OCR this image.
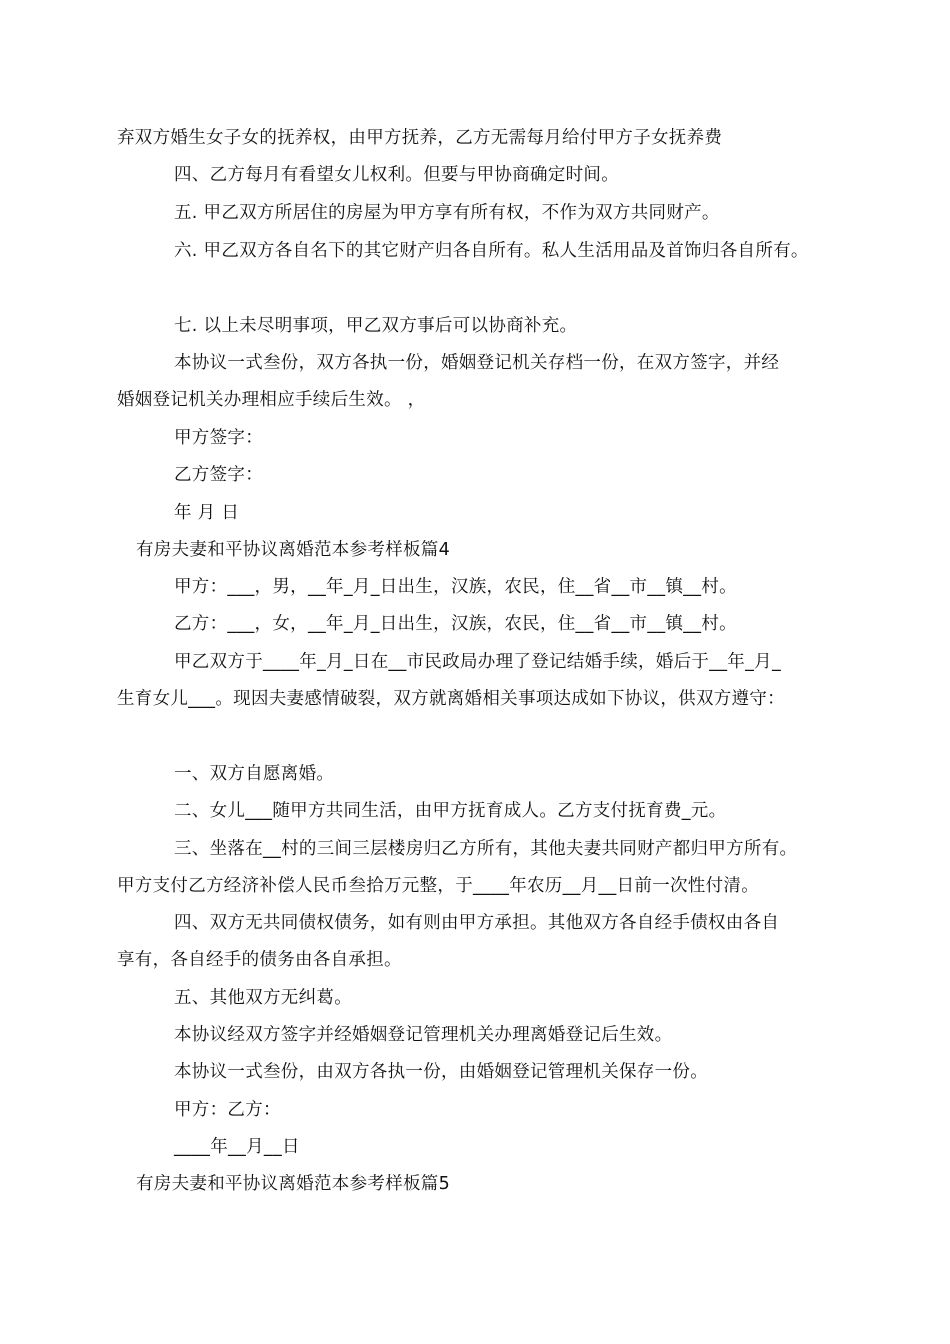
弃双方婚生女子女的抚养权，由甲方抚养，乙方无需每月给付甲方子女抚养费
四、乙方每月有看望女儿权利。但要与甲协商确定时间。
五. 甲乙双方所居住的房屋为甲方享有所有权，不作为双方共同财产。
六. 甲乙双方各自名下的其它财产归各自所有。私人生活用品及首饰归各自所有。
七. 以上未尽明事项，甲乙双方事后可以协商补充。
本协议一式叁份，双方各执一份，婚姻登记机关存档一份，在双方签字，并经
婚姻登记机关办理相应手续后生效。 ，
甲方签字：
乙方签字：
年 月 日
有房夫妻和平协议离婚范本参考样板篇4
甲方：___，男，__年_月_日出生，汉族，农民，住__省__市__镇__村。
乙方：___，女，__年_月_日出生，汉族，农民，住__省__市__镇__村。
甲乙双方于____年_月_日在__市民政局办理了登记结婚手续，婚后于__年_月_
生育女儿___。现因夫妻感情破裂，双方就离婚相关事项达成如下协议，供双方遵守：
一、双方自愿离婚。
二、女儿___随甲方共同生活，由甲方抚育成人。乙方支付抚育费_元。
三、坐落在__村的三间三层楼房归乙方所有，其他夫妻共同财产都归甲方所有。
甲方支付乙方经济补偿人民币叁拾万元整，于____年农历__月__日前一次性付清。
四、双方无共同债权债务，如有则由甲方承担。其他双方各自经手债权由各自
享有，各自经手的债务由各自承担。
五、其他双方无纠葛。
本协议经双方签字并经婚姻登记管理机关办理离婚登记后生效。
本协议一式叁份，由双方各执一份，由婚姻登记管理机关保存一份。
甲方：乙方：
____年__月__日
有房夫妻和平协议离婚范本参考样板篇5
